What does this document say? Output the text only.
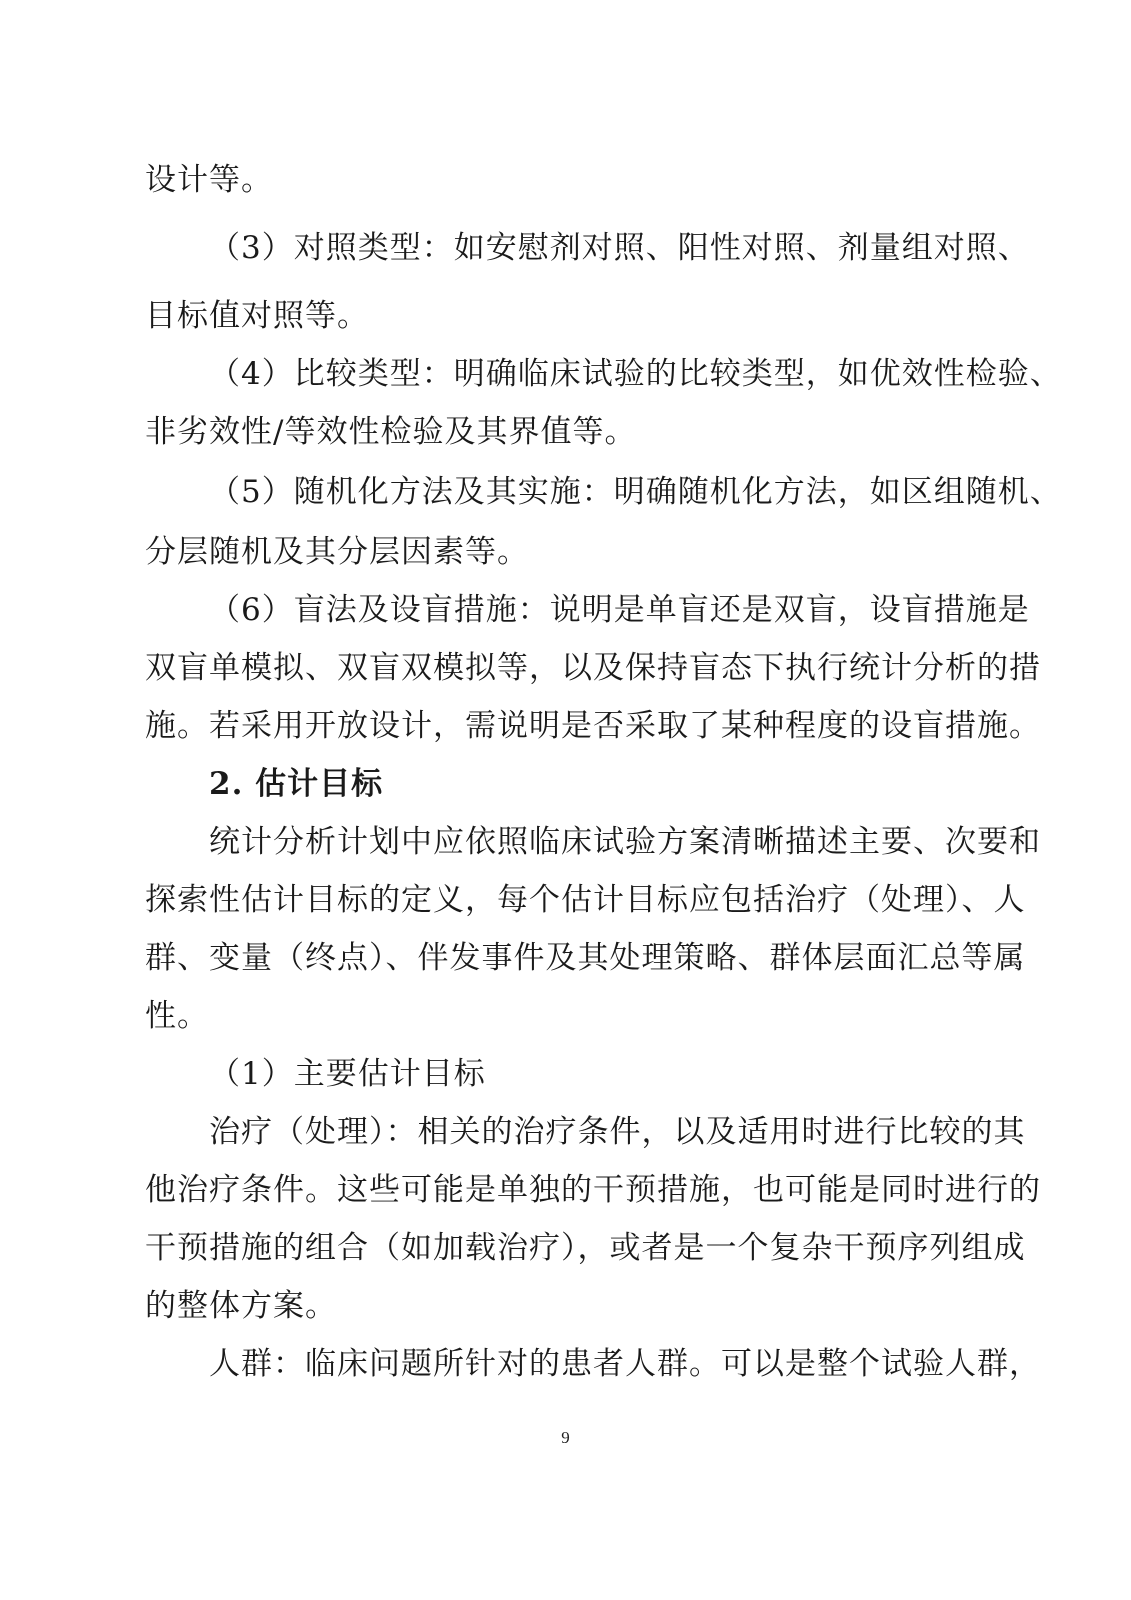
设计等。
（3）对照类型：如安慰剂对照、阳性对照、剂量组对照、
目标值对照等。
（4）比较类型：明确临床试验的比较类型，如优效性检验、
非劣效性/等效性检验及其界值等。
（5）随机化方法及其实施：明确随机化方法，如区组随机、
分层随机及其分层因素等。
（6）盲法及设盲措施：说明是单盲还是双盲，设盲措施是
双盲单模拟、双盲双模拟等，以及保持盲态下执行统计分析的措
施。若采用开放设计，需说明是否采取了某种程度的设盲措施。
2. 估计目标
统计分析计划中应依照临床试验方案清晰描述主要、次要和
探索性估计目标的定义，每个估计目标应包括治疗（处理）、人
群、变量（终点）、伴发事件及其处理策略、群体层面汇总等属
性。
（1）主要估计目标
治疗（处理）：相关的治疗条件，以及适用时进行比较的其
他治疗条件。这些可能是单独的干预措施，也可能是同时进行的
干预措施的组合（如加载治疗），或者是一个复杂干预序列组成
的整体方案。
人群：临床问题所针对的患者人群。可以是整个试验人群，
9
